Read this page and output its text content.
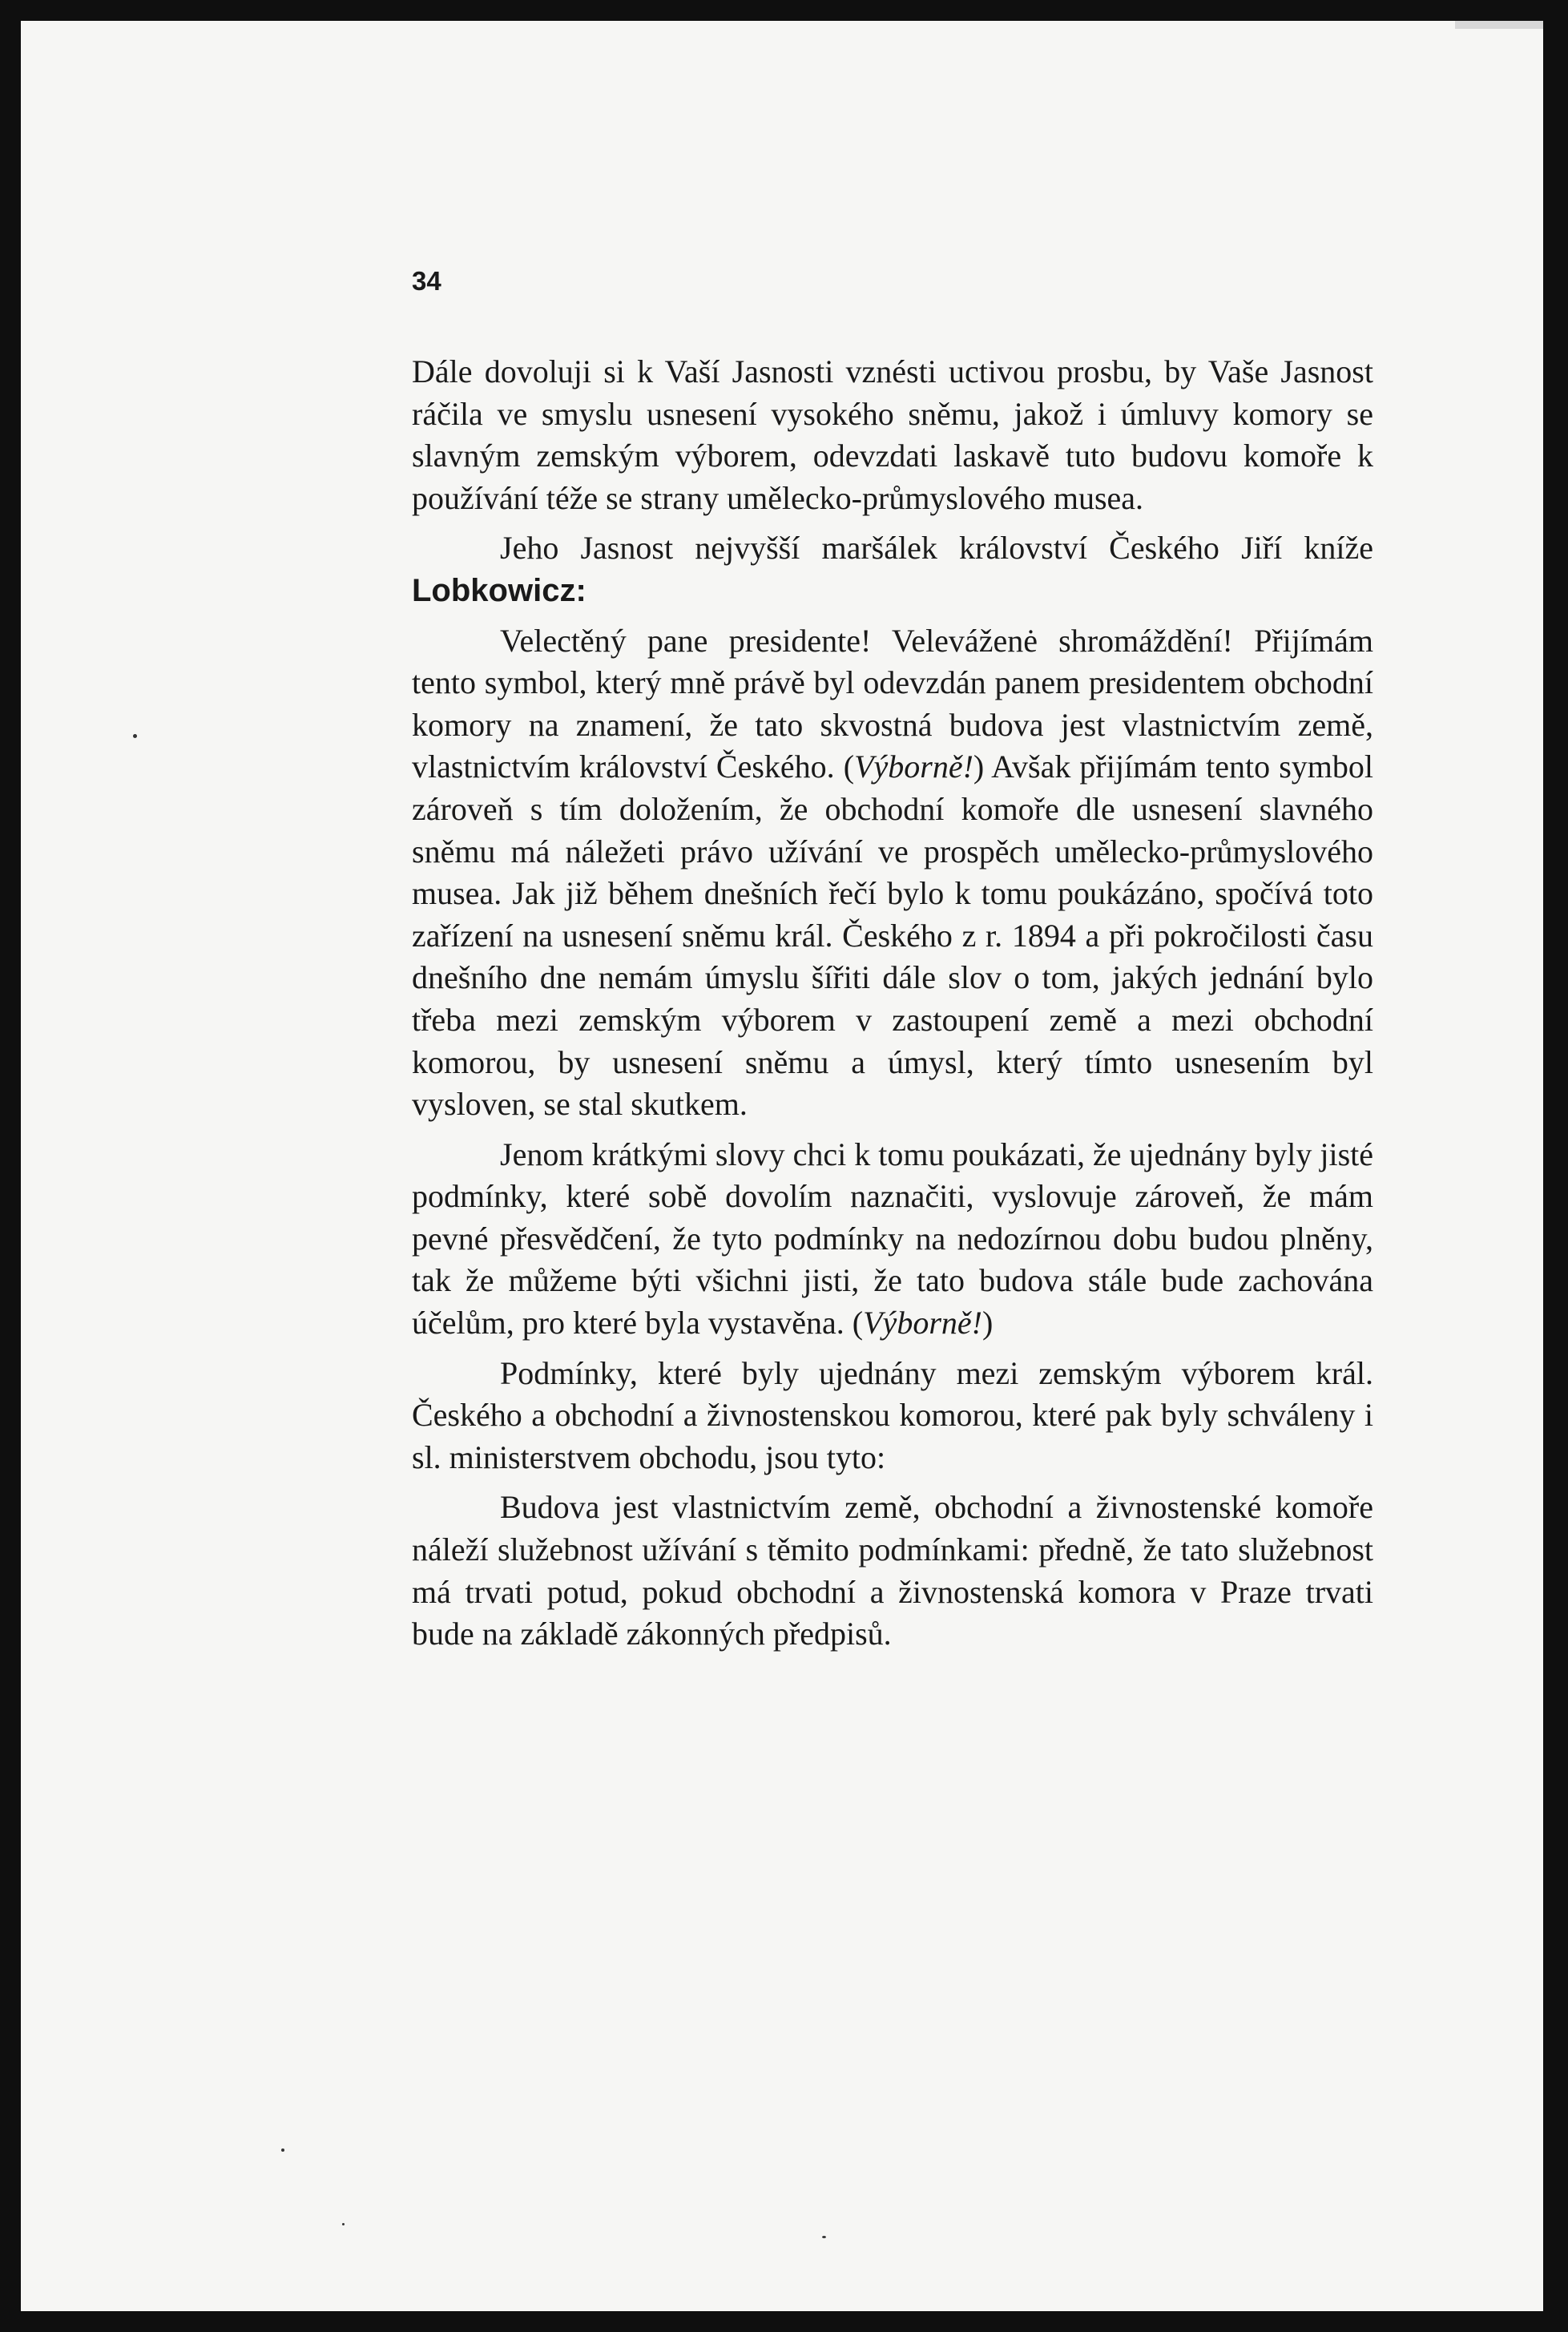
34

Dále dovoluji si k Vaší Jasnosti vznésti uctivou prosbu, by Vaše Jasnost ráčila ve smyslu usnesení vysokého sněmu, jakož i úmluvy komory se slavným zemským výborem, odevzdati laskavě tuto budovu komoře k používání téže se strany umělecko-průmyslového musea.

Jeho Jasnost nejvyšší maršálek království Českého Jiří kníže Lobkowicz:

Velectěný pane presidente! Veleváženė shromáždění! Přijímám tento symbol, který mně právě byl odevzdán panem presidentem obchodní komory na znamení, že tato skvostná budova jest vlastnictvím země, vlastnictvím království Českého. (Výborně!) Avšak přijímám tento symbol zároveň s tím doložením, že obchodní komoře dle usnesení slavného sněmu má náležeti právo užívání ve prospěch umělecko-průmyslového musea. Jak již během dnešních řečí bylo k tomu poukázáno, spočívá toto zařízení na usnesení sněmu král. Českého z r. 1894 a při pokročilosti času dnešního dne nemám úmyslu šířiti dále slov o tom, jakých jednání bylo třeba mezi zemským výborem v zastoupení země a mezi obchodní komorou, by usnesení sněmu a úmysl, který tímto usnesením byl vysloven, se stal skutkem.

Jenom krátkými slovy chci k tomu poukázati, že ujednány byly jisté podmínky, které sobě dovolím naznačiti, vyslovuje zároveň, že mám pevné přesvědčení, že tyto podmínky na nedozírnou dobu budou plněny, tak že můžeme býti všichni jisti, že tato budova stále bude zachována účelům, pro které byla vystavěna. (Výborně!)

Podmínky, které byly ujednány mezi zemským výborem král. Českého a obchodní a živnostenskou komorou, které pak byly schváleny i sl. ministerstvem obchodu, jsou tyto:

Budova jest vlastnictvím země, obchodní a živnostenské komoře náleží služebnost užívání s těmito podmínkami: předně, že tato služebnost má trvati potud, pokud obchodní a živnostenská komora v Praze trvati bude na základě zákonných předpisů.
